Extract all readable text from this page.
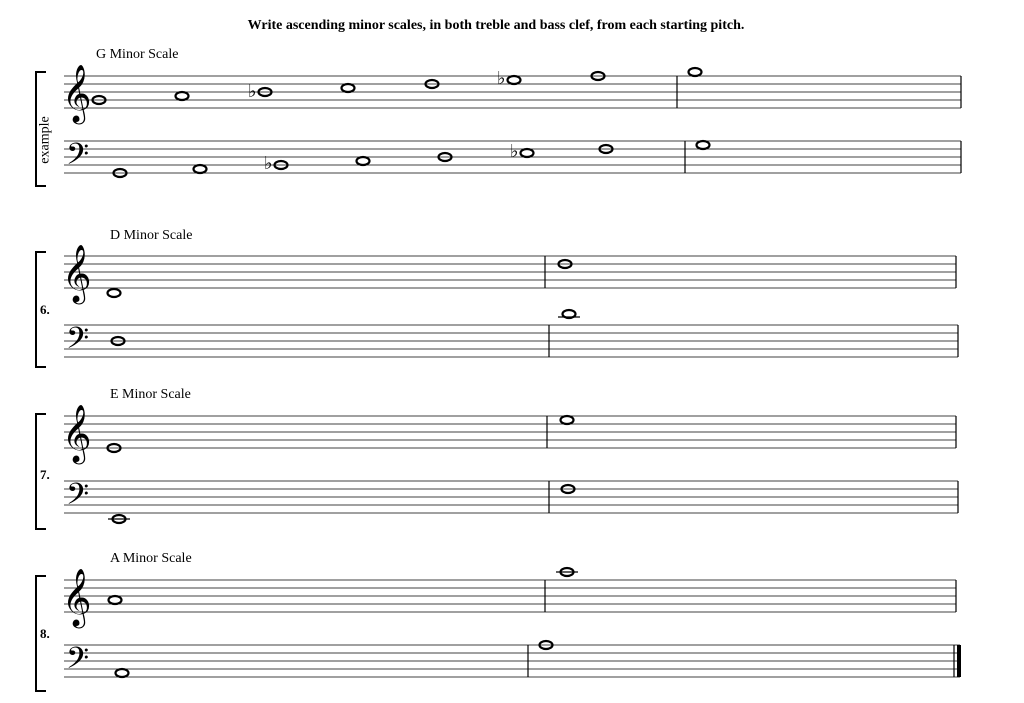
Write ascending minor scales, in both treble and bass clef, from each starting pitch.
example
G Minor Scale
D Minor Scale
E Minor Scale
A Minor Scale
6.
7.
8.
𝄞
𝄢
♭
♭
♭
♭
𝄞
𝄢
𝄞
𝄢
𝄞
𝄢
